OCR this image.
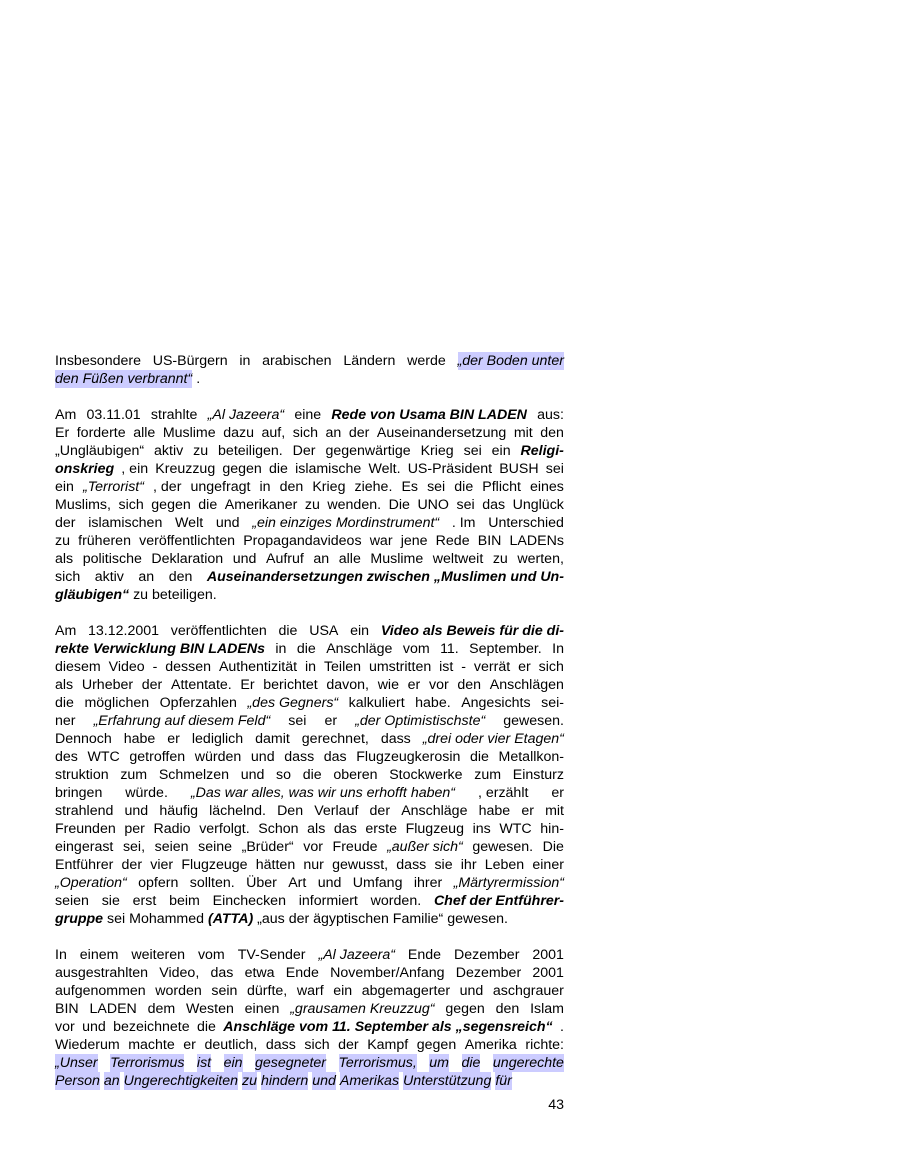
Insbesondere US-Bürgern in arabischen Ländern werde „der Boden unter
den Füßen verbrannt“ .
Am 03.11.01 strahlte „Al Jazeera“ eine Rede von Usama BIN LADEN aus:
Er forderte alle Muslime dazu auf, sich an der Auseinandersetzung mit den
„Ungläubigen“ aktiv zu beteiligen. Der gegenwärtige Krieg sei ein Religi-
onskrieg , ein Kreuzzug gegen die islamische Welt. US-Präsident BUSH sei
ein „Terrorist“ , der ungefragt in den Krieg ziehe. Es sei die Pflicht eines
Muslims, sich gegen die Amerikaner zu wenden. Die UNO sei das Unglück
der islamischen Welt und „ein einziges Mordinstrument“ . Im Unterschied
zu früheren veröffentlichten Propagandavideos war jene Rede BIN LADENs
als politische Deklaration und Aufruf an alle Muslime weltweit zu werten,
sich aktiv an den Auseinandersetzungen zwischen „Muslimen und Un-
gläubigen“ zu beteiligen.
Am 13.12.2001 veröffentlichten die USA ein Video als Beweis für die di-
rekte Verwicklung BIN LADENs in die Anschläge vom 11. September. In
diesem Video - dessen Authentizität in Teilen umstritten ist - verrät er sich
als Urheber der Attentate. Er berichtet davon, wie er vor den Anschlägen
die möglichen Opferzahlen „des Gegners“ kalkuliert habe. Angesichts sei-
ner „Erfahrung auf diesem Feld“ sei er „der Optimistischste“ gewesen.
Dennoch habe er lediglich damit gerechnet, dass „drei oder vier Etagen“
des WTC getroffen würden und dass das Flugzeugkerosin die Metallkon-
struktion zum Schmelzen und so die oberen Stockwerke zum Einsturz
bringen würde. „Das war alles, was wir uns erhofft haben“ , erzählt er
strahlend und häufig lächelnd. Den Verlauf der Anschläge habe er mit
Freunden per Radio verfolgt. Schon als das erste Flugzeug ins WTC hin-
eingerast sei, seien seine „Brüder“ vor Freude „außer sich“ gewesen. Die
Entführer der vier Flugzeuge hätten nur gewusst, dass sie ihr Leben einer
„Operation“ opfern sollten. Über Art und Umfang ihrer „Märtyrermission“
seien sie erst beim Einchecken informiert worden. Chef der Entführer-
gruppe sei Mohammed (ATTA) „aus der ägyptischen Familie“ gewesen.
In einem weiteren vom TV-Sender „Al Jazeera“ Ende Dezember 2001
ausgestrahlten Video, das etwa Ende November/Anfang Dezember 2001
aufgenommen worden sein dürfte, warf ein abgemagerter und aschgrauer
BIN LADEN dem Westen einen „grausamen Kreuzzug“ gegen den Islam
vor und bezeichnete die Anschläge vom 11. September als „segensreich“ .
Wiederum machte er deutlich, dass sich der Kampf gegen Amerika richte:
„Unser Terrorismus ist ein gesegneter Terrorismus, um die ungerechte
Person an Ungerechtigkeiten zu hindern und Amerikas Unterstützung für
43
